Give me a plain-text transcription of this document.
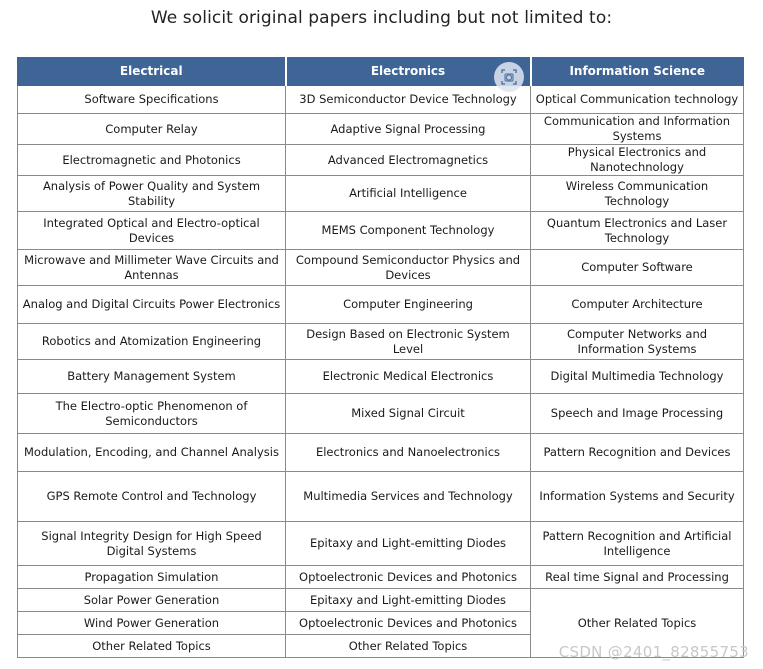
We solicit original papers including but not limited to:
Electrical	Electronics	Information Science
Software Specifications	3D Semiconductor Device Technology	Optical Communication technology
Computer Relay	Adaptive Signal Processing	Communication and Information Systems
Electromagnetic and Photonics	Advanced Electromagnetics	Physical Electronics and Nanotechnology
Analysis of Power Quality and System Stability	Artificial Intelligence	Wireless Communication Technology
Integrated Optical and Electro-optical Devices	MEMS Component Technology	Quantum Electronics and Laser Technology
Microwave and Millimeter Wave Circuits and Antennas	Compound Semiconductor Physics and Devices	Computer Software
Analog and Digital Circuits Power Electronics	Computer Engineering	Computer Architecture
Robotics and Atomization Engineering	Design Based on Electronic System Level	Computer Networks and Information Systems
Battery Management System	Electronic Medical Electronics	Digital Multimedia Technology
The Electro-optic Phenomenon of Semiconductors	Mixed Signal Circuit	Speech and Image Processing
Modulation, Encoding, and Channel Analysis	Electronics and Nanoelectronics	Pattern Recognition and Devices
GPS Remote Control and Technology	Multimedia Services and Technology	Information Systems and Security
Signal Integrity Design for High Speed Digital Systems	Epitaxy and Light-emitting Diodes	Pattern Recognition and Artificial Intelligence
Propagation Simulation	Optoelectronic Devices and Photonics	Real time Signal and Processing
Solar Power Generation	Epitaxy and Light-emitting Diodes	Other Related Topics
Wind Power Generation	Optoelectronic Devices and Photonics	
Other Related Topics	Other Related Topics		CSDN @2401_82855753
